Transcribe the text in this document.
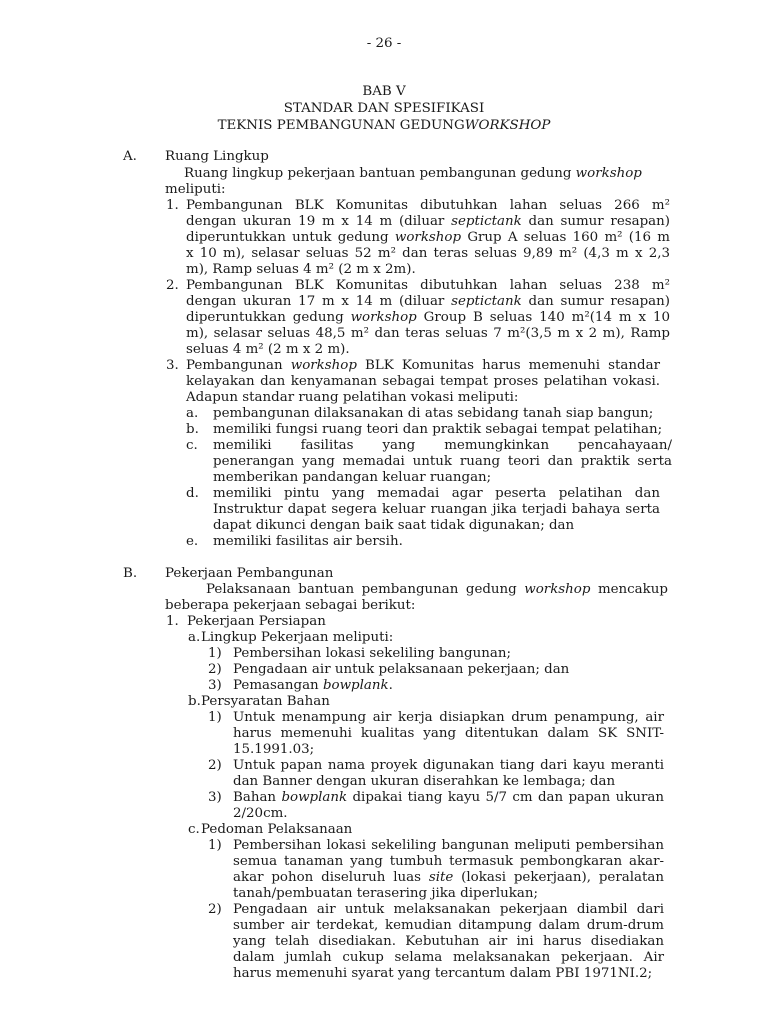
- 26 -
BAB V
STANDAR DAN SPESIFIKASI
TEKNIS PEMBANGUNAN GEDUNGWORKSHOP
A. Ruang Lingkup
Ruang lingkup pekerjaan bantuan pembangunan gedung workshop
meliputi:
1. Pembangunan BLK Komunitas dibutuhkan lahan seluas 266 m²
dengan ukuran 19 m x 14 m (diluar septictank dan sumur resapan)
diperuntukkan untuk gedung workshop Grup A seluas 160 m² (16 m
x 10 m), selasar seluas 52 m² dan teras seluas 9,89 m² (4,3 m x 2,3
m), Ramp seluas 4 m² (2 m x 2m).
2. Pembangunan BLK Komunitas dibutuhkan lahan seluas 238 m²
dengan ukuran 17 m x 14 m (diluar septictank dan sumur resapan)
diperuntukkan gedung workshop Group B seluas 140 m²(14 m x 10
m), selasar seluas 48,5 m² dan teras seluas 7 m²(3,5 m x 2 m), Ramp
seluas 4 m² (2 m x 2 m).
3. Pembangunan workshop BLK Komunitas harus memenuhi standar
kelayakan dan kenyamanan sebagai tempat proses pelatihan vokasi.
Adapun standar ruang pelatihan vokasi meliputi:
a. pembangunan dilaksanakan di atas sebidang tanah siap bangun;
b. memiliki fungsi ruang teori dan praktik sebagai tempat pelatihan;
c. memiliki fasilitas yang memungkinkan pencahayaan/
penerangan yang memadai untuk ruang teori dan praktik serta
memberikan pandangan keluar ruangan;
d. memiliki pintu yang memadai agar peserta pelatihan dan
Instruktur dapat segera keluar ruangan jika terjadi bahaya serta
dapat dikunci dengan baik saat tidak digunakan; dan
e. memiliki fasilitas air bersih.
B. Pekerjaan Pembangunan
Pelaksanaan bantuan pembangunan gedung workshop mencakup
beberapa pekerjaan sebagai berikut:
1. Pekerjaan Persiapan
a. Lingkup Pekerjaan meliputi:
1) Pembersihan lokasi sekeliling bangunan;
2) Pengadaan air untuk pelaksanaan pekerjaan; dan
3) Pemasangan bowplank.
b. Persyaratan Bahan
1) Untuk menampung air kerja disiapkan drum penampung, air
harus memenuhi kualitas yang ditentukan dalam SK SNIT-
15.1991.03;
2) Untuk papan nama proyek digunakan tiang dari kayu meranti
dan Banner dengan ukuran diserahkan ke lembaga; dan
3) Bahan bowplank dipakai tiang kayu 5/7 cm dan papan ukuran
2/20cm.
c. Pedoman Pelaksanaan
1) Pembersihan lokasi sekeliling bangunan meliputi pembersihan
semua tanaman yang tumbuh termasuk pembongkaran akar-
akar pohon diseluruh luas site (lokasi pekerjaan), peralatan
tanah/pembuatan terasering jika diperlukan;
2) Pengadaan air untuk melaksanakan pekerjaan diambil dari
sumber air terdekat, kemudian ditampung dalam drum-drum
yang telah disediakan. Kebutuhan air ini harus disediakan
dalam jumlah cukup selama melaksanakan pekerjaan. Air
harus memenuhi syarat yang tercantum dalam PBI 1971NI.2;
